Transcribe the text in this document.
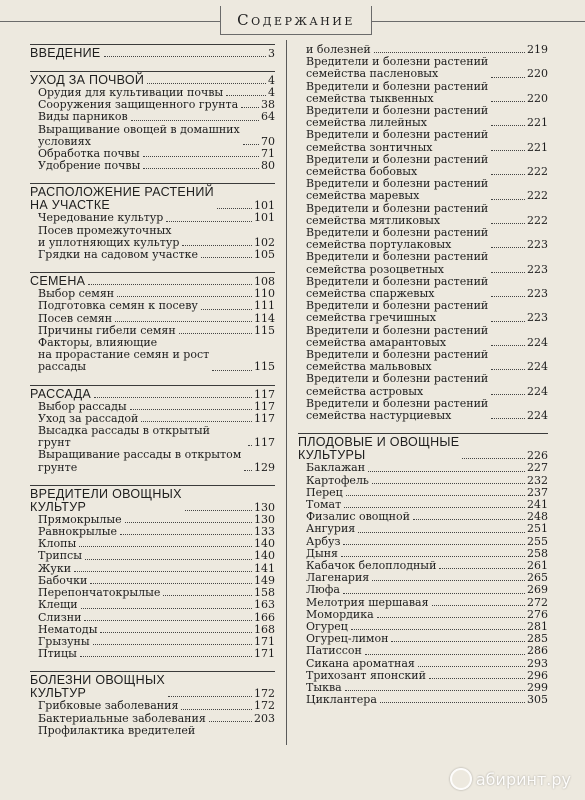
Содержание
ВВЕДЕНИЕ	3
УХОД ЗА ПОЧВОЙ	4
Орудия для культивации почвы	4
Сооружения защищенного грунта 38
Виды парников	64
Выращивание овощей в домашних
условиях	70
Обработка почвы	71
Удобрение почвы	80
РАСПОЛОЖЕНИЕ РАСТЕНИЙ
НА УЧАСТКЕ	101
Чередование культур	101
Посев промежуточных
и уплотняющих культур	102
Грядки на садовом участке	105
СЕМЕНА	108
Выбор семян	110
Подготовка семян к посеву	111
Посев семян	114
Причины гибели семян	115
Факторы, влияющие
на прорастание семян и рост
рассады	115
РАССАДА	117
Выбор рассады	117
Уход за рассадой	117
Высадка рассады в открытый грунт	117
Выращивание рассады в открытом
грунте	129
ВРЕДИТЕЛИ ОВОЩНЫХ
КУЛЬТУР	130
Прямокрылые	130
Равнокрылые	133
Клопы	140
Трипсы	140
Жуки	141
Бабочки	149
Перепончатокрылые	158
Клещи	163
Слизни	166
Нематоды	168
Грызуны	171
Птицы	171
БОЛЕЗНИ ОВОЩНЫХ
КУЛЬТУР	172
Грибковые заболевания	172
Бактериальные заболевания	203
Профилактика вредителей
и болезней	219
Вредители и болезни растений
семейства пасленовых	220
Вредители и болезни растений
семейства тыквенных	220
Вредители и болезни растений
семейства лилейных	221
Вредители и болезни растений
семейства зонтичных	221
Вредители и болезни растений
семейства бобовых	222
Вредители и болезни растений
семейства маревых	222
Вредители и болезни растений
семейства мятликовых	222
Вредители и болезни растений
семейства портулаковых	223
Вредители и болезни растений
семейства розоцветных	223
Вредители и болезни растений
семейства спаржевых	223
Вредители и болезни растений
семейства гречишных	223
Вредители и болезни растений
семейства амарантовых	224
Вредители и болезни растений
семейства мальвовых	224
Вредители и болезни растений
семейства астровых	224
Вредители и болезни растений
семейства настурциевых	224
ПЛОДОВЫЕ И ОВОЩНЫЕ
КУЛЬТУРЫ	226
Баклажан	227
Картофель	232
Перец	237
Томат	241
Физалис овощной	248
Ангурия	251
Арбуз	255
Дыня	258
Кабачок белоплодный	261
Лагенария	265
Люфа	269
Мелотрия шершавая	272
Момордика	276
Огурец	281
Огурец-лимон	285
Патиссон	286
Сикана ароматная	293
Трихозант японский	296
Тыква	299
Циклантера	305
абиринт.ру
